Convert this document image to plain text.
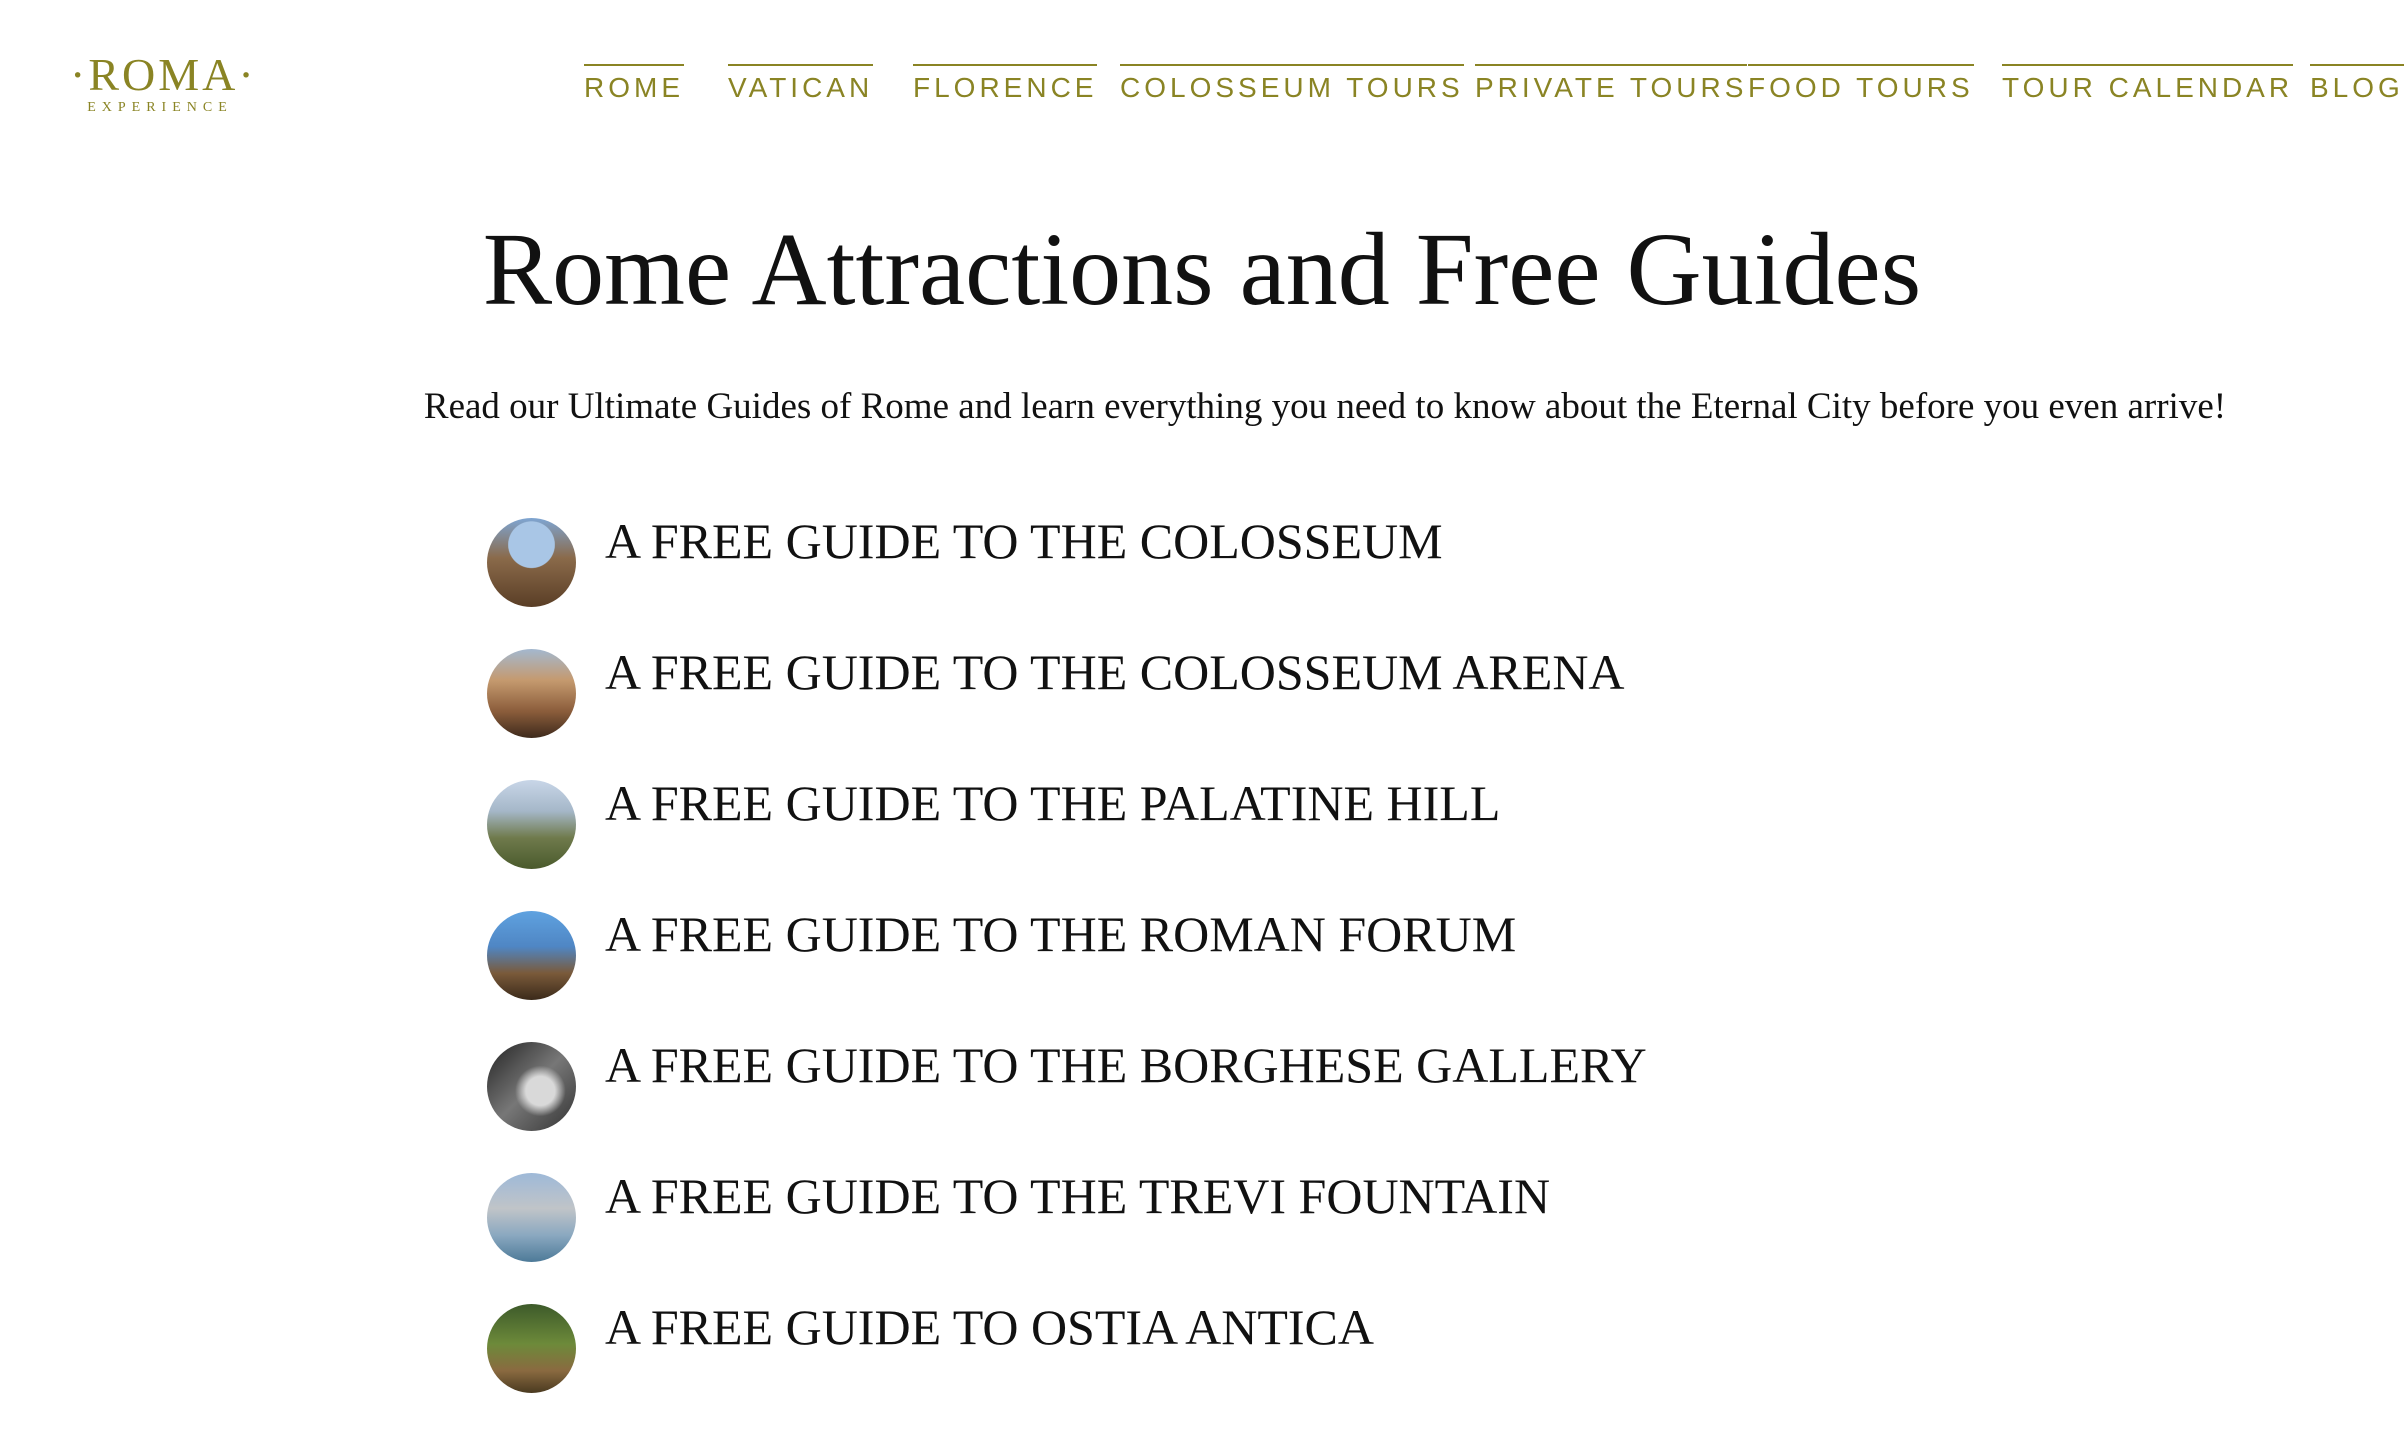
·ROMA·
EXPERIENCE
ROME VATICAN FLORENCE COLOSSEUM TOURS PRIVATE TOURS FOOD TOURS TOUR CALENDAR BLOG
Rome Attractions and Free Guides

Read our Ultimate Guides of Rome and learn everything you need to know about the Eternal City before you even arrive!

A FREE GUIDE TO THE COLOSSEUM
A FREE GUIDE TO THE COLOSSEUM ARENA
A FREE GUIDE TO THE PALATINE HILL
A FREE GUIDE TO THE ROMAN FORUM
A FREE GUIDE TO THE BORGHESE GALLERY
A FREE GUIDE TO THE TREVI FOUNTAIN
A FREE GUIDE TO OSTIA ANTICA
